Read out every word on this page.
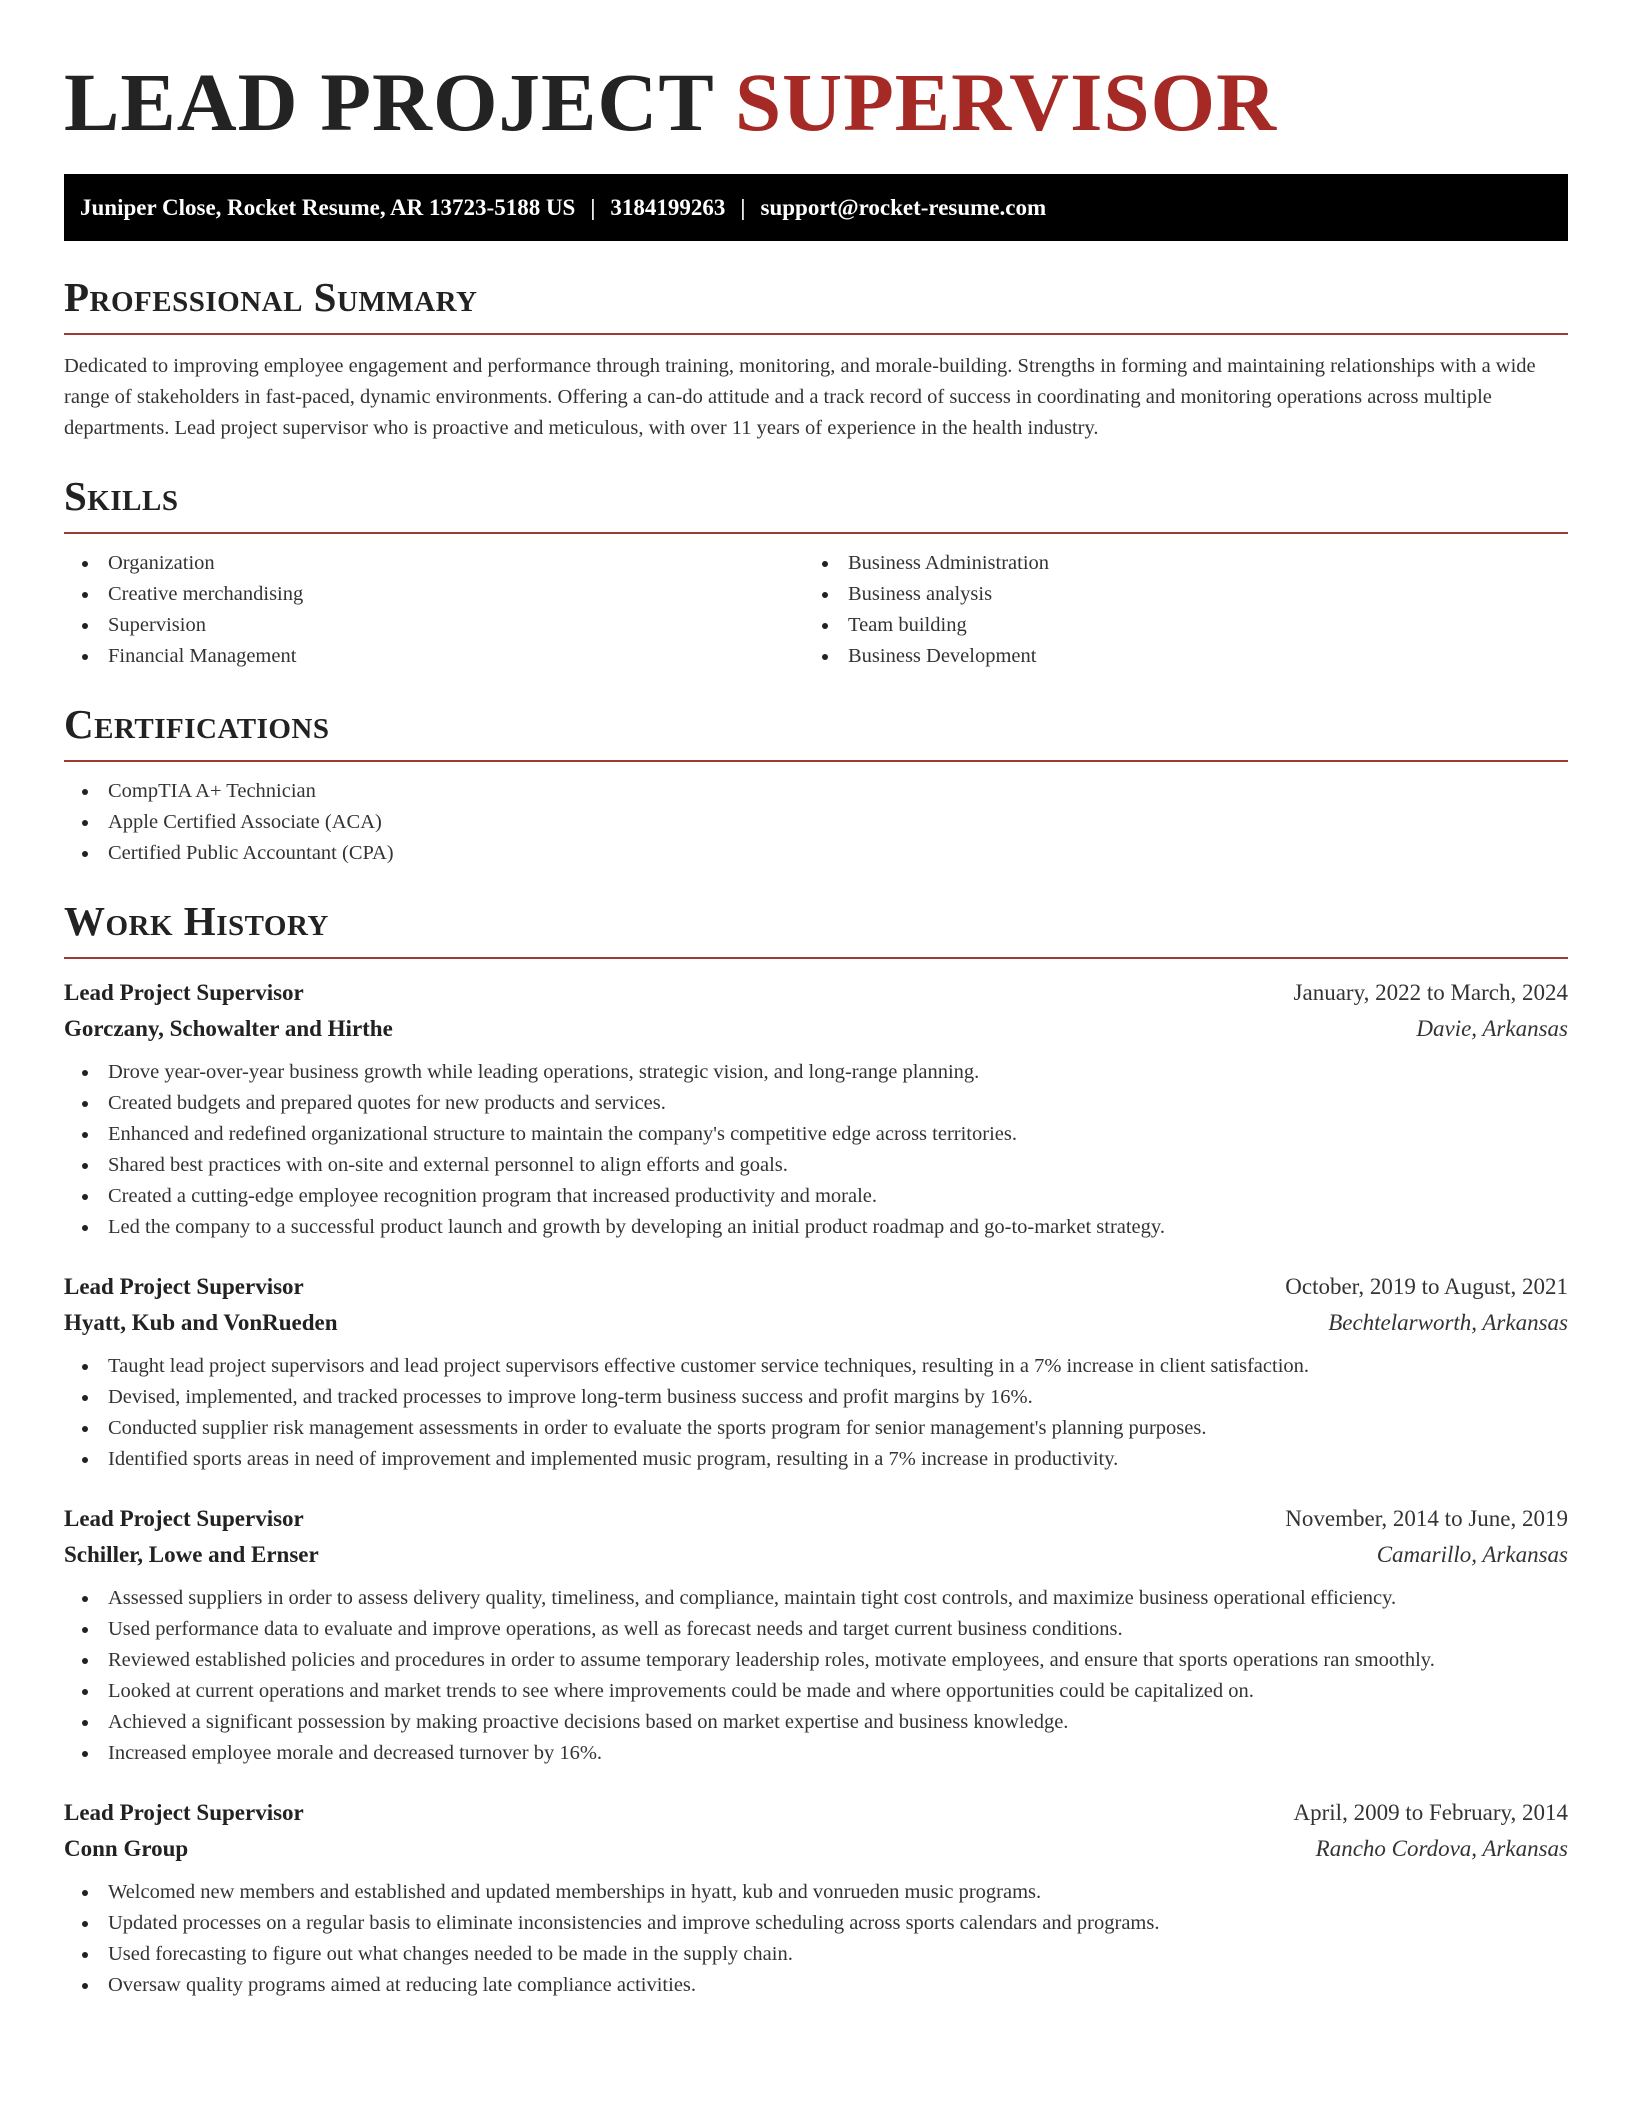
LEAD PROJECT SUPERVISOR
Juniper Close, Rocket Resume, AR 13723-5188 US | 3184199263 | support@rocket-resume.com
Professional Summary

Dedicated to improving employee engagement and performance through training, monitoring, and morale-building. Strengths in forming and maintaining relationships with a wide range of stakeholders in fast-paced, dynamic environments. Offering a can-do attitude and a track record of success in coordinating and monitoring operations across multiple departments. Lead project supervisor who is proactive and meticulous, with over 11 years of experience in the health industry.

Skills
Organization
Creative merchandising
Supervision
Financial Management
Business Administration
Business analysis
Team building
Business Development
Certifications
CompTIA A+ Technician
Apple Certified Associate (ACA)
Certified Public Accountant (CPA)
Work History
Lead Project Supervisor	January, 2022 to March, 2024
Gorczany, Schowalter and Hirthe	Davie, Arkansas
Drove year-over-year business growth while leading operations, strategic vision, and long-range planning.
Created budgets and prepared quotes for new products and services.
Enhanced and redefined organizational structure to maintain the company's competitive edge across territories.
Shared best practices with on-site and external personnel to align efforts and goals.
Created a cutting-edge employee recognition program that increased productivity and morale.
Led the company to a successful product launch and growth by developing an initial product roadmap and go-to-market strategy.
Lead Project Supervisor	October, 2019 to August, 2021
Hyatt, Kub and VonRueden	Bechtelarworth, Arkansas
Taught lead project supervisors and lead project supervisors effective customer service techniques, resulting in a 7% increase in client satisfaction.
Devised, implemented, and tracked processes to improve long-term business success and profit margins by 16%.
Conducted supplier risk management assessments in order to evaluate the sports program for senior management's planning purposes.
Identified sports areas in need of improvement and implemented music program, resulting in a 7% increase in productivity.
Lead Project Supervisor	November, 2014 to June, 2019
Schiller, Lowe and Ernser	Camarillo, Arkansas
Assessed suppliers in order to assess delivery quality, timeliness, and compliance, maintain tight cost controls, and maximize business operational efficiency.
Used performance data to evaluate and improve operations, as well as forecast needs and target current business conditions.
Reviewed established policies and procedures in order to assume temporary leadership roles, motivate employees, and ensure that sports operations ran smoothly.
Looked at current operations and market trends to see where improvements could be made and where opportunities could be capitalized on.
Achieved a significant possession by making proactive decisions based on market expertise and business knowledge.
Increased employee morale and decreased turnover by 16%.
Lead Project Supervisor	April, 2009 to February, 2014
Conn Group	Rancho Cordova, Arkansas
Welcomed new members and established and updated memberships in hyatt, kub and vonrueden music programs.
Updated processes on a regular basis to eliminate inconsistencies and improve scheduling across sports calendars and programs.
Used forecasting to figure out what changes needed to be made in the supply chain.
Oversaw quality programs aimed at reducing late compliance activities.
